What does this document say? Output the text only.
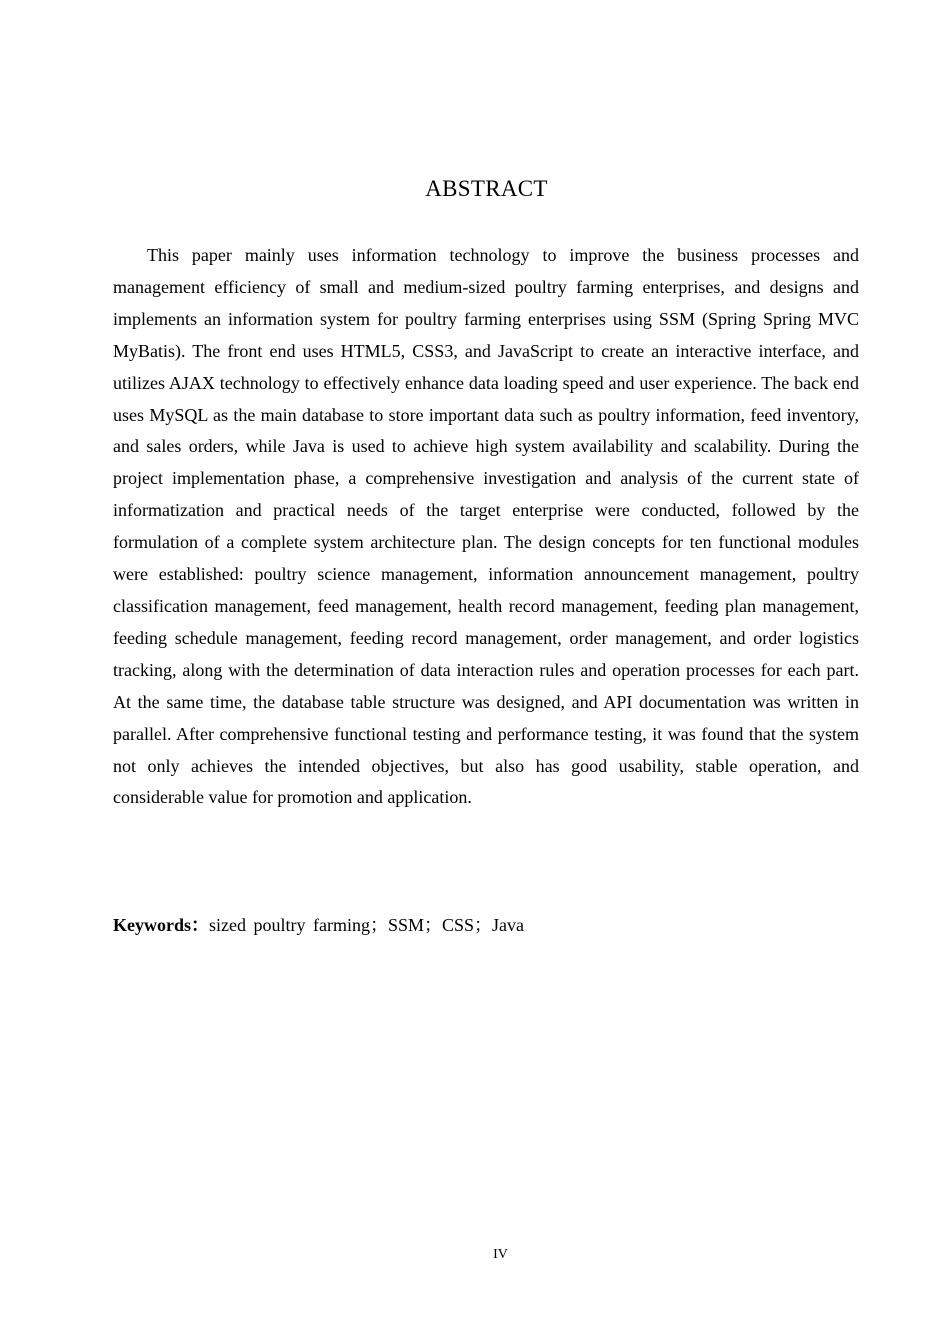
ABSTRACT

This paper mainly uses information technology to improve the business processes and management efficiency of small and medium-sized poultry farming enterprises, and designs and implements an information system for poultry farming enterprises using SSM (Spring Spring MVC MyBatis). The front end uses HTML5, CSS3, and JavaScript to create an interactive interface, and utilizes AJAX technology to effectively enhance data loading speed and user experience. The back end uses MySQL as the main database to store important data such as poultry information, feed inventory, and sales orders, while Java is used to achieve high system availability and scalability. During the project implementation phase, a comprehensive investigation and analysis of the current state of informatization and practical needs of the target enterprise were conducted, followed by the formulation of a complete system architecture plan. The design concepts for ten functional modules were established: poultry science management, information announcement management, poultry classification management, feed management, health record management, feeding plan management, feeding schedule management, feeding record management, order management, and order logistics tracking, along with the determination of data interaction rules and operation processes for each part. At the same time, the database table structure was designed, and API documentation was written in parallel. After comprehensive functional testing and performance testing, it was found that the system not only achieves the intended objectives, but also has good usability, stable operation, and considerable value for promotion and application.

Keywords：sized poultry farming；SSM；CSS；Java

IV
